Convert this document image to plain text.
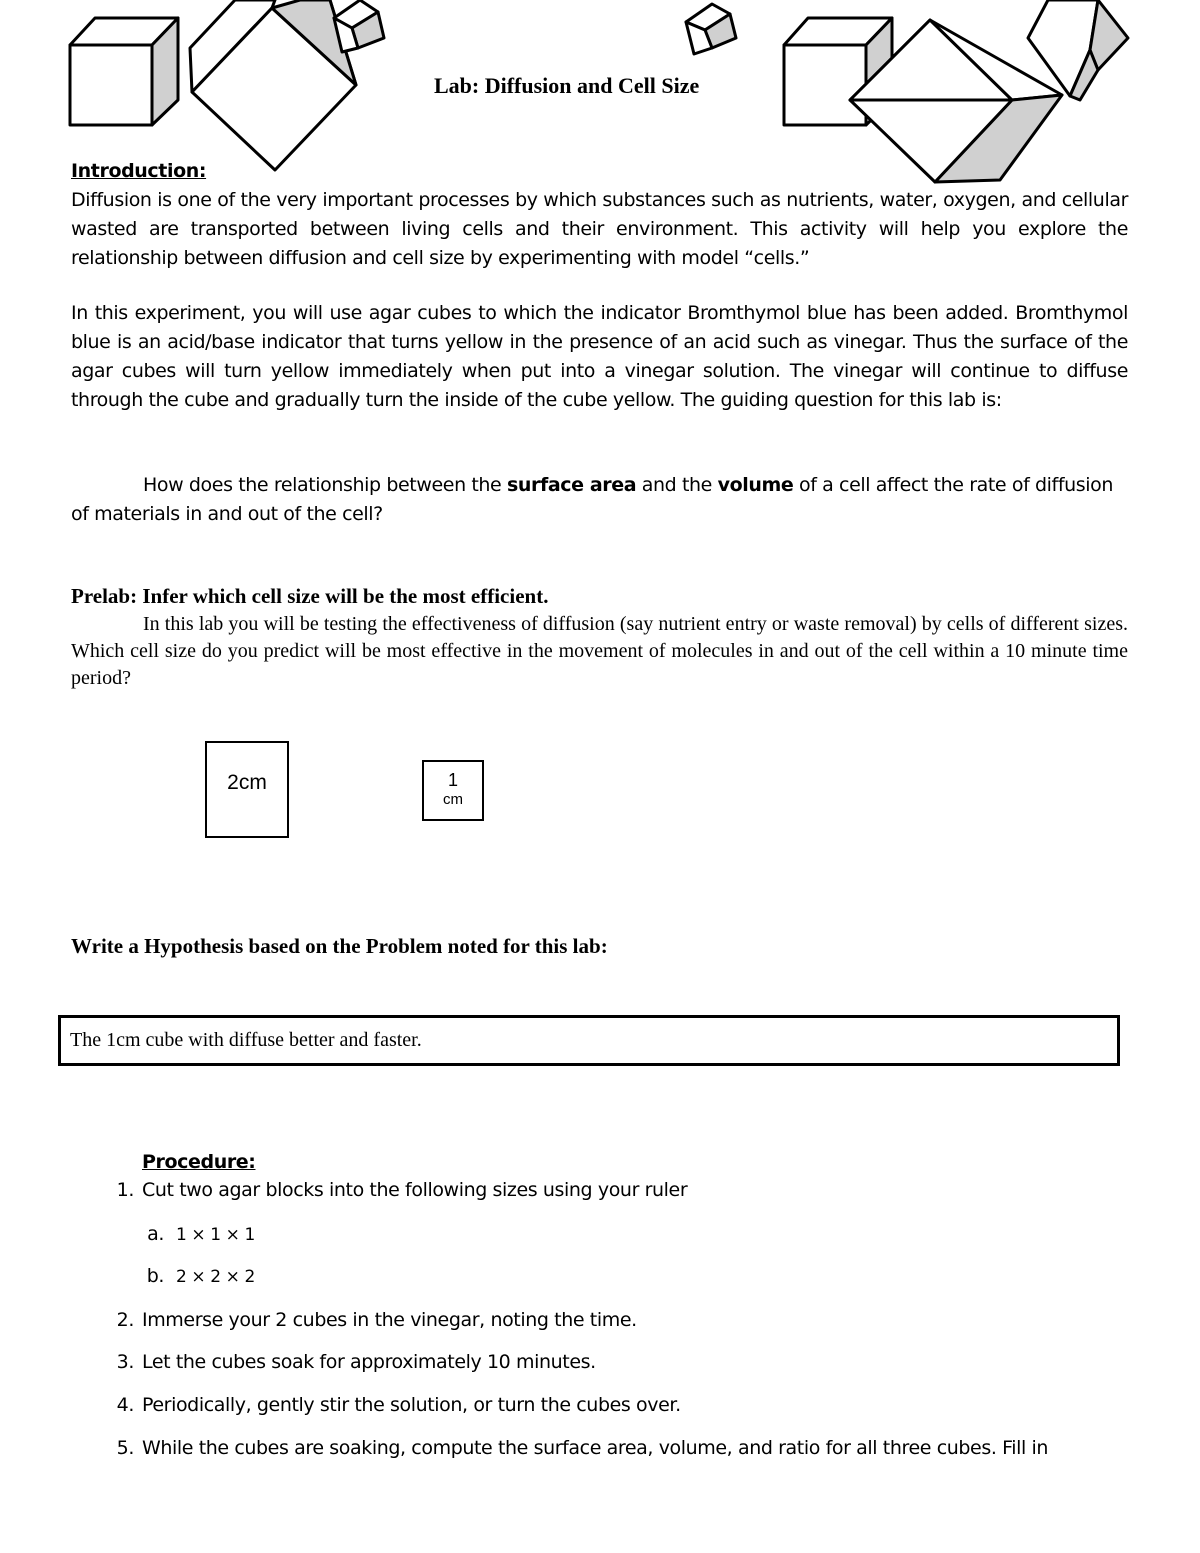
Lab: Diffusion and Cell Size
Introduction:
Diffusion is one of the very important processes by which substances such as nutrients, water, oxygen, and cellular wasted are transported between living cells and their environment. This activity will help you explore the relationship between diffusion and cell size by experimenting with model “cells.”
In this experiment, you will use agar cubes to which the indicator Bromthymol blue has been added. Bromthymol blue is an acid/base indicator that turns yellow in the presence of an acid such as vinegar. Thus the surface of the agar cubes will turn yellow immediately when put into a vinegar solution. The vinegar will continue to diffuse through the cube and gradually turn the inside of the cube yellow. The guiding question for this lab is:
How does the relationship between the surface area and the volume of a cell affect the rate of diffusion of materials in and out of the cell?
Prelab: Infer which cell size will be the most efficient.
In this lab you will be testing the effectiveness of diffusion (say nutrient entry or waste removal) by cells of different sizes. Which cell size do you predict will be most effective in the movement of molecules in and out of the cell within a 10 minute time period?
2cm	1
cm
Write a Hypothesis based on the Problem noted for this lab:
The 1cm cube with diffuse better and faster.
Procedure:
1. Cut two agar blocks into the following sizes using your ruler
a. 1 × 1 × 1
b. 2 × 2 × 2
2. Immerse your 2 cubes in the vinegar, noting the time.
3. Let the cubes soak for approximately 10 minutes.
4. Periodically, gently stir the solution, or turn the cubes over.
5. While the cubes are soaking, compute the surface area, volume, and ratio for all three cubes. Fill in
